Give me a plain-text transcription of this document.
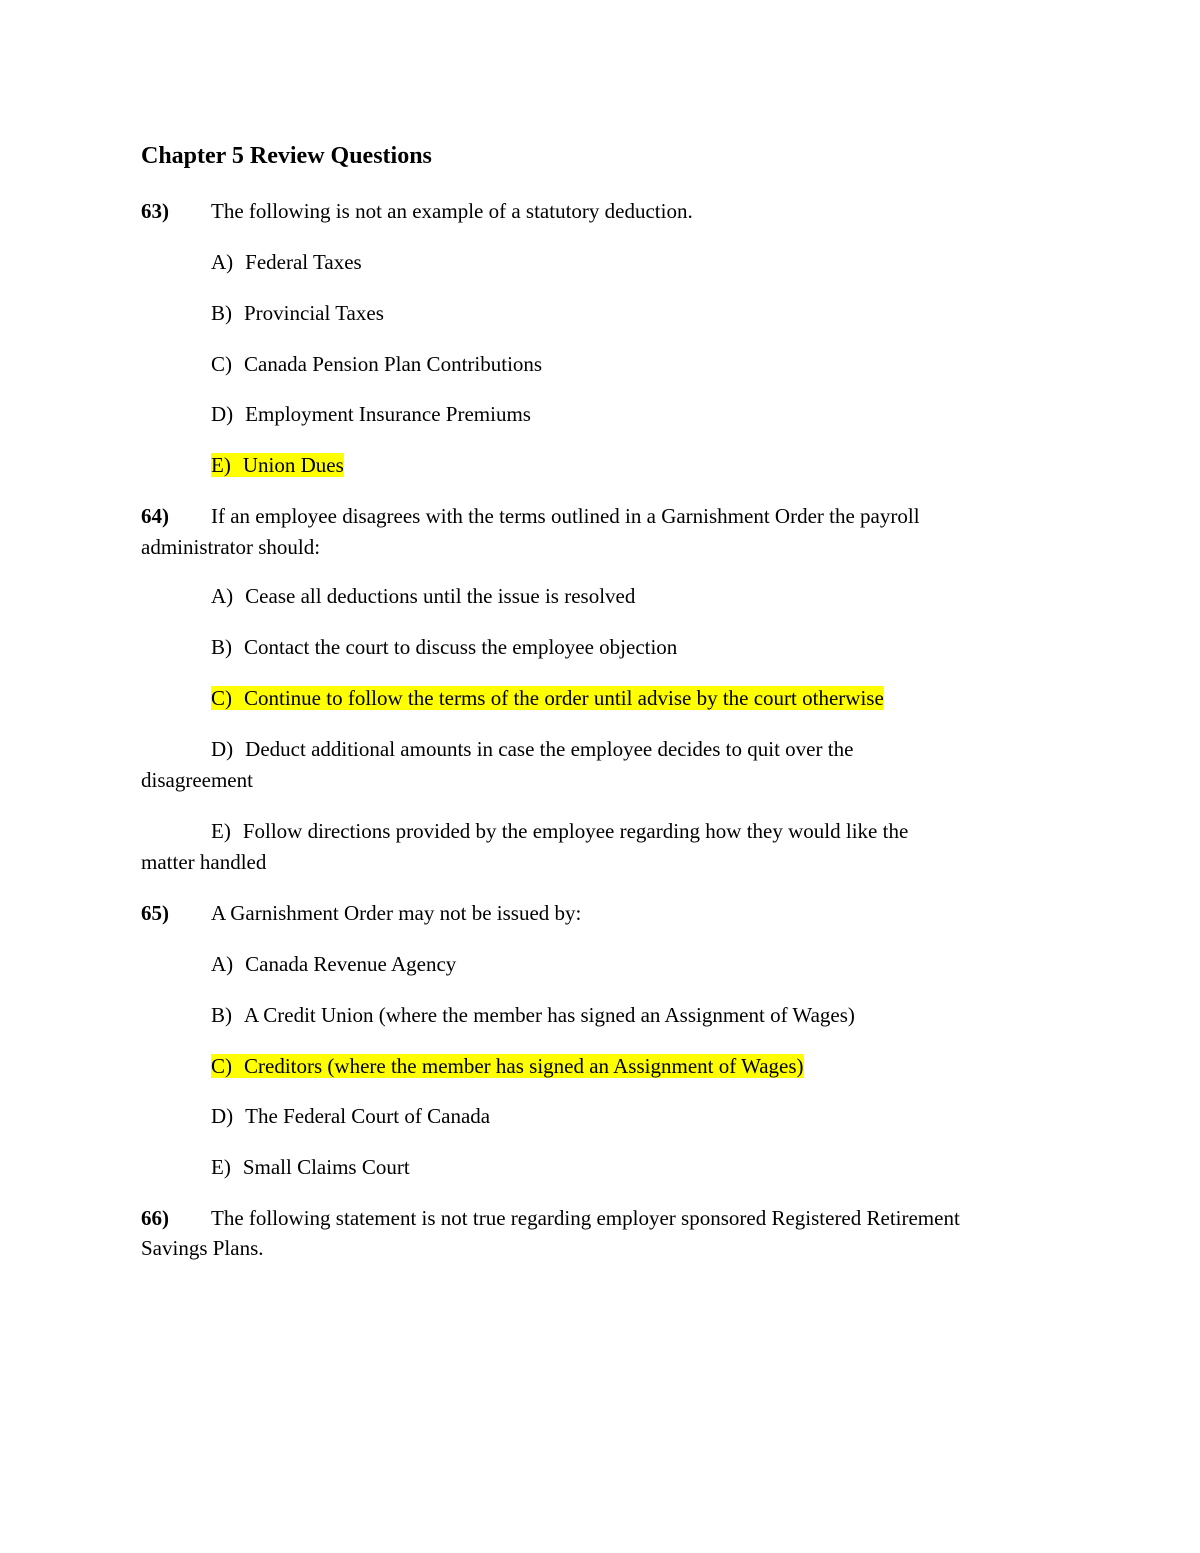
Chapter 5 Review Questions
63) The following is not an example of a statutory deduction.
A) Federal Taxes
B) Provincial Taxes
C) Canada Pension Plan Contributions
D) Employment Insurance Premiums
E) Union Dues
64) If an employee disagrees with the terms outlined in a Garnishment Order the payroll
administrator should:
A) Cease all deductions until the issue is resolved
B) Contact the court to discuss the employee objection
C) Continue to follow the terms of the order until advise by the court otherwise
D) Deduct additional amounts in case the employee decides to quit over the
disagreement
E) Follow directions provided by the employee regarding how they would like the
matter handled
65) A Garnishment Order may not be issued by:
A) Canada Revenue Agency
B) A Credit Union (where the member has signed an Assignment of Wages)
C) Creditors (where the member has signed an Assignment of Wages)
D) The Federal Court of Canada
E) Small Claims Court
66) The following statement is not true regarding employer sponsored Registered Retirement
Savings Plans.
